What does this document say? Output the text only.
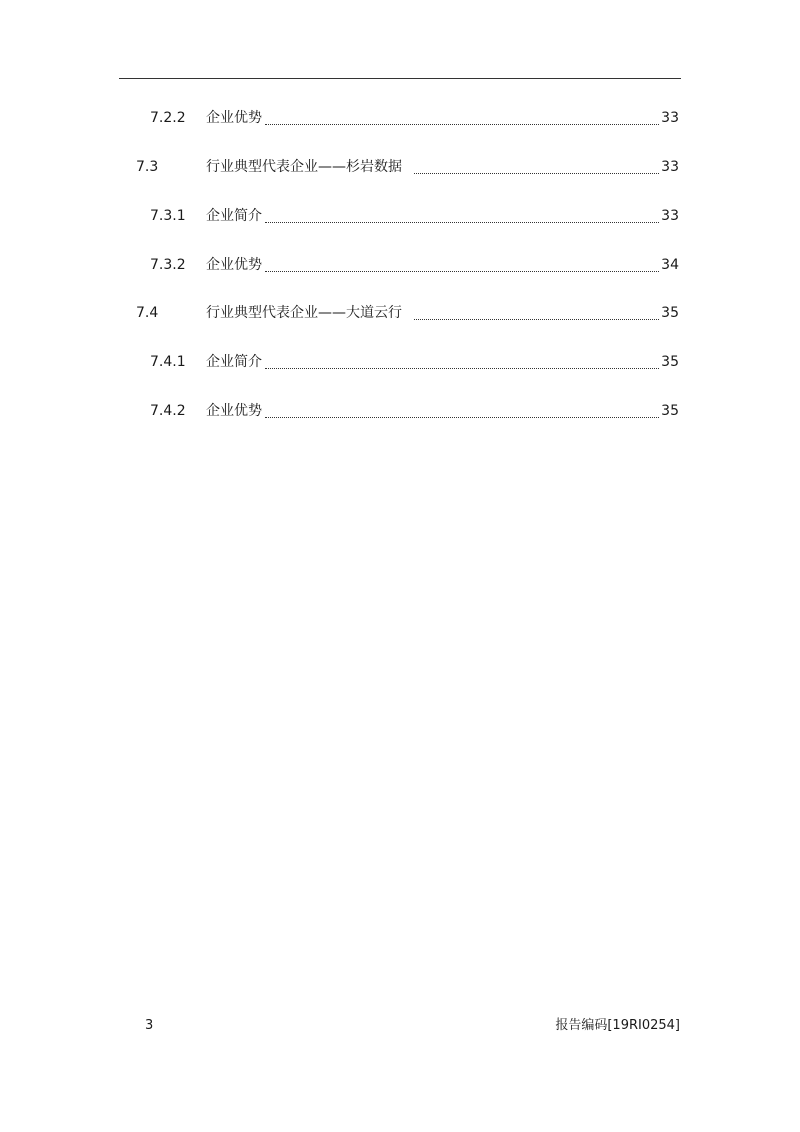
7.2.2 企业优势	33
7.3	行业典型代表企业——杉岩数据	33
7.3.1 企业简介	33
7.3.2 企业优势	34
7.4	行业典型代表企业——大道云行	35
7.4.1 企业简介	35
7.4.2 企业优势	35
3	报告编码[19RI0254]
